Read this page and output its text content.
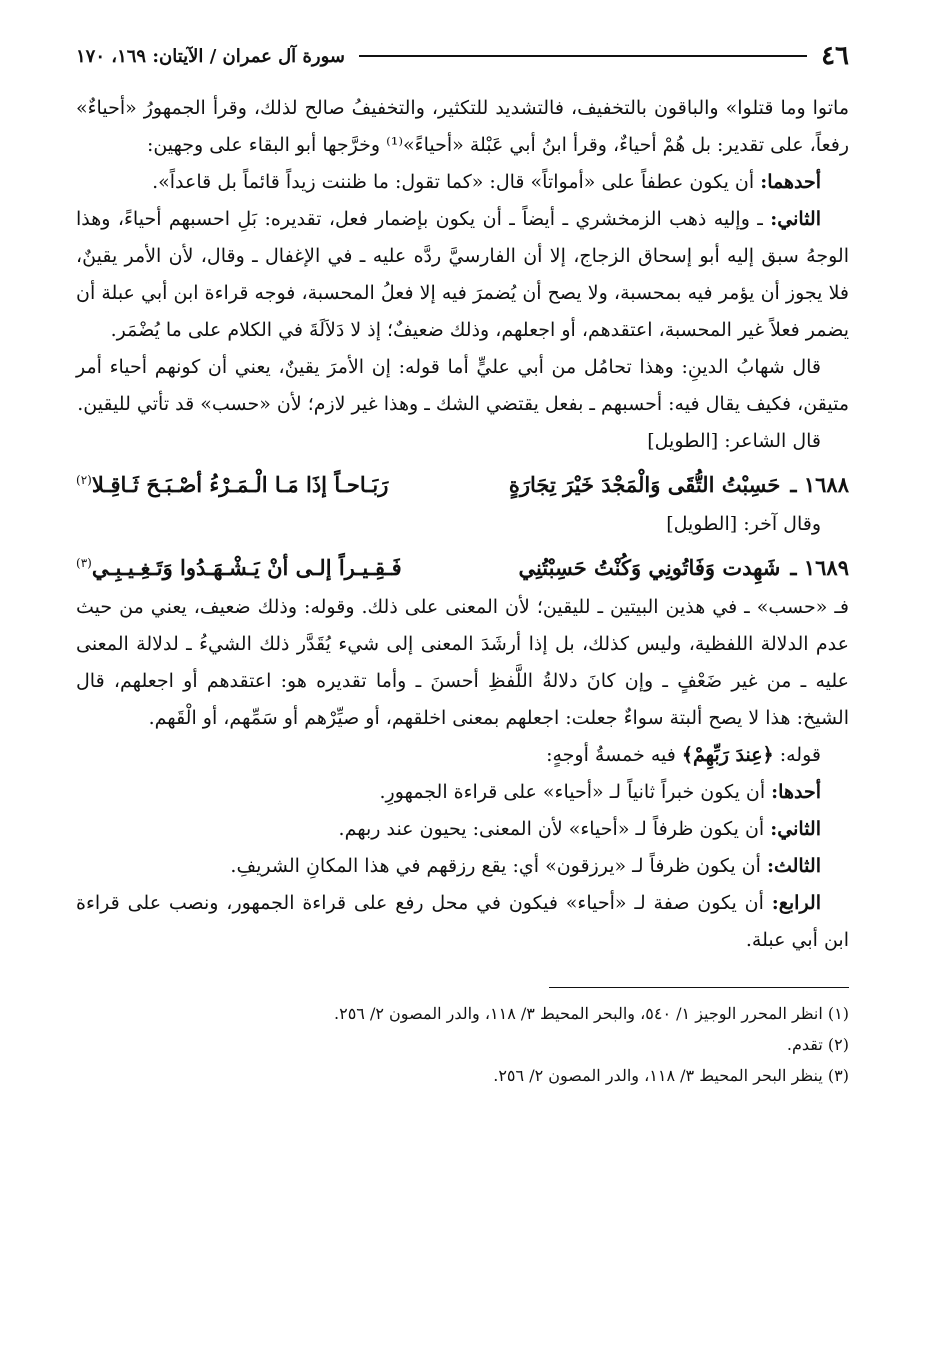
٤٦
سورة آل عمران / الآيتان: ١٦٩، ١٧٠

ماتوا وما قتلوا» والباقون بالتخفيف، فالتشديد للتكثير، والتخفيفُ صالح لذلك، وقرأ الجمهورُ «أحياءٌ» رفعاً، على تقدير: بل هُمْ أحياءٌ، وقرأ ابنُ أبي عَبْلة «أحياءً»⁽¹⁾ وخرَّجها أبو البقاء على وجهين:

أحدهما: أن يكون عطفاً على «أمواتاً» قال: «كما تقول: ما ظننت زيداً قائماً بل قاعداً».

الثاني: ـ وإليه ذهب الزمخشري ـ أيضاً ـ أن يكون بإضمار فعل، تقديره: بَلِ احسبهم أحياءً، وهذا الوجهُ سبق إليه أبو إسحاق الزجاج، إلا أن الفارسيَّ ردَّه عليه ـ في الإغفال ـ وقال، لأن الأمر يقينٌ، فلا يجوز أن يؤمر فيه بمحسبة، ولا يصح أن يُضمرَ فيه إلا فعلُ المحسبة، فوجه قراءة ابن أبي عبلة أن يضمر فعلاً غير المحسبة، اعتقدهم، أو اجعلهم، وذلك ضعيفٌ؛ إذ لا دَلاَلَةَ في الكلام على ما يُضْمَر.

قال شهابُ الدينِ: وهذا تحامُل من أبي عليٍّ أما قوله: إن الأمرَ يقينٌ، يعني أن كونهم أحياء أمر متيقن، فكيف يقال فيه: أحسبهم ـ بفعل يقتضي الشك ـ وهذا غير لازم؛ لأن «حسب» قد تأتي لليقين.

قال الشاعر: [الطويل]
١٦٨٨ ـ
حَسِبْتُ التُّقَى وَالْمَجْدَ خَيْرَ تِجَارَةٍ
رَبَـاحـاً إذَا مَـا الْـمَـرْءُ أصْـبَـحَ ثَـاقِـلا$^{(٢)}$
وقال آخر: [الطويل]
١٦٨٩ ـ
شَهِدت وَفَاتُونِي وَكُنْتُ حَسِبْتُنِي
فَـقِـيـراً إلـى أنْ يَـشْـهَـدُوا وَتَـغِـيـبِـي$^{(٣)}$

فـ «حسب» ـ في هذين البيتين ـ لليقين؛ لأن المعنى على ذلك. وقوله: وذلك ضعيف، يعني من حيث عدم الدلالة اللفظية، وليس كذلك، بل إذا أرشَدَ المعنى إلى شيء يُقَدَّر ذلك الشيءُ ـ لدلالة المعنى عليه ـ من غير ضَعْفٍ ـ وإن كانَ دلالةُ اللَّفظِ أحسنَ ـ وأما تقديره هو: اعتقدهم أو اجعلهم، قال الشيخ: هذا لا يصح ألبتة سواءٌ جعلت: اجعلهم بمعنى اخلقهم، أو صيِّرْهم أو سَمِّهم، أو الْقَهم.

قوله: ﴿عِندَ رَبِّهِمْ﴾ فيه خمسةُ أوجهٍ:

أحدها: أن يكون خبراً ثانياً لـ «أحياء» على قراءة الجمهورِ.

الثاني: أن يكون ظرفاً لـ «أحياء» لأن المعنى: يحيون عند ربهم.

الثالث: أن يكون ظرفاً لـ «يرزقون» أي: يقع رزقهم في هذا المكانِ الشريفِ.

الرابع: أن يكون صفة لـ «أحياء» فيكون في محل رفع على قراءة الجمهور، ونصب على قراءة ابن أبي عبلة.

(١) انظر المحرر الوجيز ١/ ٥٤٠، والبحر المحيط ٣/ ١١٨، والدر المصون ٢/ ٢٥٦.

(٢) تقدم.

(٣) ينظر البحر المحيط ٣/ ١١٨، والدر المصون ٢/ ٢٥٦.
